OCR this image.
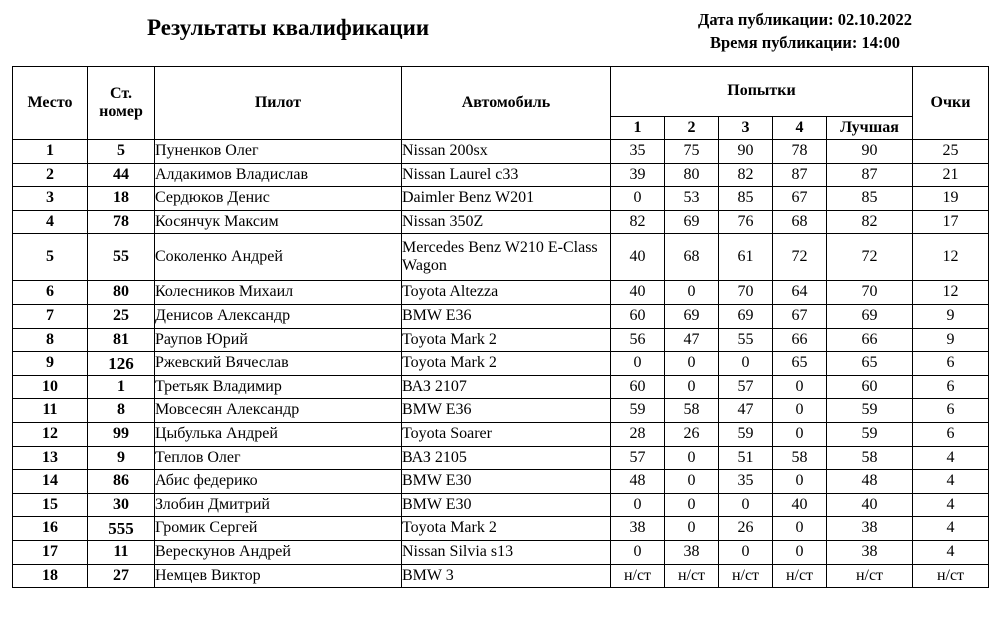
Результаты квалификации	Дата публикации: 02.10.2022
Время публикации: 14:00
Место	Ст. номер	Пилот	Автомобиль	Попытки					Очки
				1	2	3	4	Лучшая	
1	5	Пуненков Олег	Nissan 200sx	35	75	90	78	90	25
2	44	Алдакимов Владислав	Nissan Laurel c33	39	80	82	87	87	21
3	18	Сердюков Денис	Daimler Benz W201	0	53	85	67	85	19
4	78	Косянчук Максим	Nissan 350Z	82	69	76	68	82	17
5	55	Соколенко Андрей	Mercedes Benz W210 E-Class Wagon	40	68	61	72	72	12
6	80	Колесников Михаил	Toyota Altezza	40	0	70	64	70	12
7	25	Денисов Александр	BMW E36	60	69	69	67	69	9
8	81	Раупов Юрий	Toyota Mark 2	56	47	55	66	66	9
9	126	Ржевский Вячеслав	Toyota Mark 2	0	0	0	65	65	6
10	1	Третьяк Владимир	ВАЗ 2107	60	0	57	0	60	6
11	8	Мовсесян Александр	BMW E36	59	58	47	0	59	6
12	99	Цыбулька Андрей	Toyota Soarer	28	26	59	0	59	6
13	9	Теплов Олег	ВАЗ 2105	57	0	51	58	58	4
14	86	Абис федерико	BMW E30	48	0	35	0	48	4
15	30	Злобин Дмитрий	BMW E30	0	0	0	40	40	4
16	555	Громик Сергей	Toyota Mark 2	38	0	26	0	38	4
17	11	Верескунов Андрей	Nissan Silvia s13	0	38	0	0	38	4
18	27	Немцев Виктор	BMW 3	н/ст	н/ст	н/ст	н/ст	н/ст	н/ст
